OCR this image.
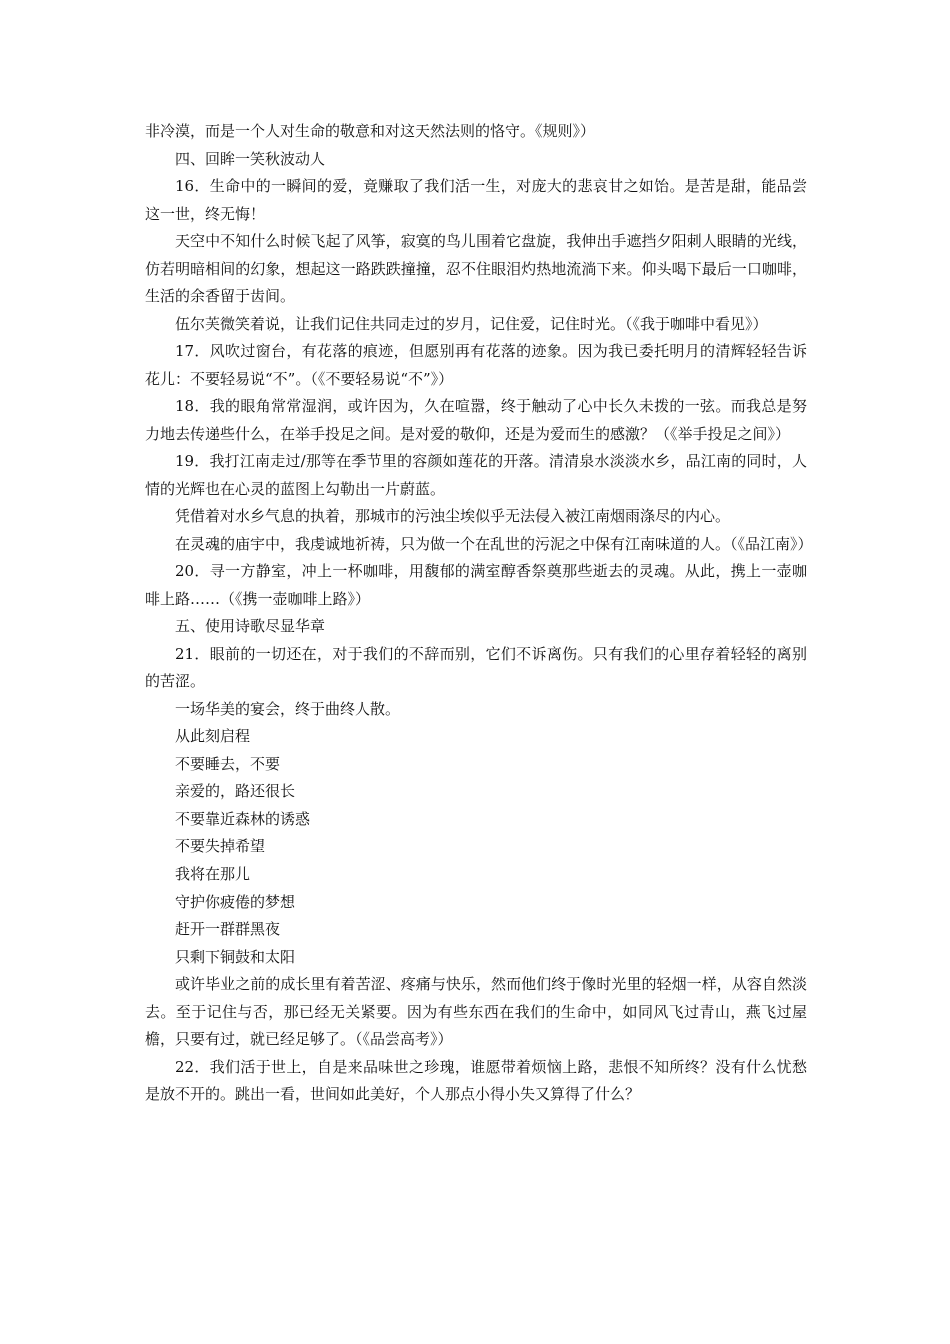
非冷漠，而是一个人对生命的敬意和对这天然法则的恪守。《规则》）

四、回眸一笑秋波动人

16．生命中的一瞬间的爱，竟赚取了我们活一生，对庞大的悲哀甘之如饴。是苦是甜，能品尝这一世，终无悔！

天空中不知什么时候飞起了风筝，寂寞的鸟儿围着它盘旋，我伸出手遮挡夕阳刺人眼睛的光线，仿若明暗相间的幻象，想起这一路跌跌撞撞，忍不住眼泪灼热地流淌下来。仰头喝下最后一口咖啡，生活的余香留于齿间。

伍尔芙微笑着说，让我们记住共同走过的岁月，记住爱，记住时光。（《我于咖啡中看见》）

17．风吹过窗台，有花落的痕迹，但愿别再有花落的迹象。因为我已委托明月的清辉轻轻告诉花儿：不要轻易说“不”。（《不要轻易说“不”》）

18．我的眼角常常湿润，或许因为，久在喧嚣，终于触动了心中长久未拨的一弦。而我总是努力地去传递些什么，在举手投足之间。是对爱的敬仰，还是为爱而生的感激？（《举手投足之间》）

19．我打江南走过/那等在季节里的容颜如莲花的开落。清清泉水淡淡水乡，品江南的同时，人情的光辉也在心灵的蓝图上勾勒出一片蔚蓝。

凭借着对水乡气息的执着，那城市的污浊尘埃似乎无法侵入被江南烟雨涤尽的内心。

在灵魂的庙宇中，我虔诚地祈祷，只为做一个在乱世的污泥之中保有江南味道的人。（《品江南》）

20．寻一方静室，冲上一杯咖啡，用馥郁的满室醇香祭奠那些逝去的灵魂。从此，携上一壶咖啡上路……（《携一壶咖啡上路》）

五、使用诗歌尽显华章

21．眼前的一切还在，对于我们的不辞而别，它们不诉离伤。只有我们的心里存着轻轻的离别的苦涩。

一场华美的宴会，终于曲终人散。

从此刻启程

不要睡去，不要

亲爱的，路还很长

不要靠近森林的诱惑

不要失掉希望

我将在那儿

守护你疲倦的梦想

赶开一群群黑夜

只剩下铜鼓和太阳

或许毕业之前的成长里有着苦涩、疼痛与快乐，然而他们终于像时光里的轻烟一样，从容自然淡去。至于记住与否，那已经无关紧要。因为有些东西在我们的生命中，如同风飞过青山，燕飞过屋檐，只要有过，就已经足够了。（《品尝高考》）

22．我们活于世上，自是来品味世之珍瑰，谁愿带着烦恼上路，悲恨不知所终？没有什么忧愁是放不开的。跳出一看，世间如此美好，个人那点小得小失又算得了什么？
